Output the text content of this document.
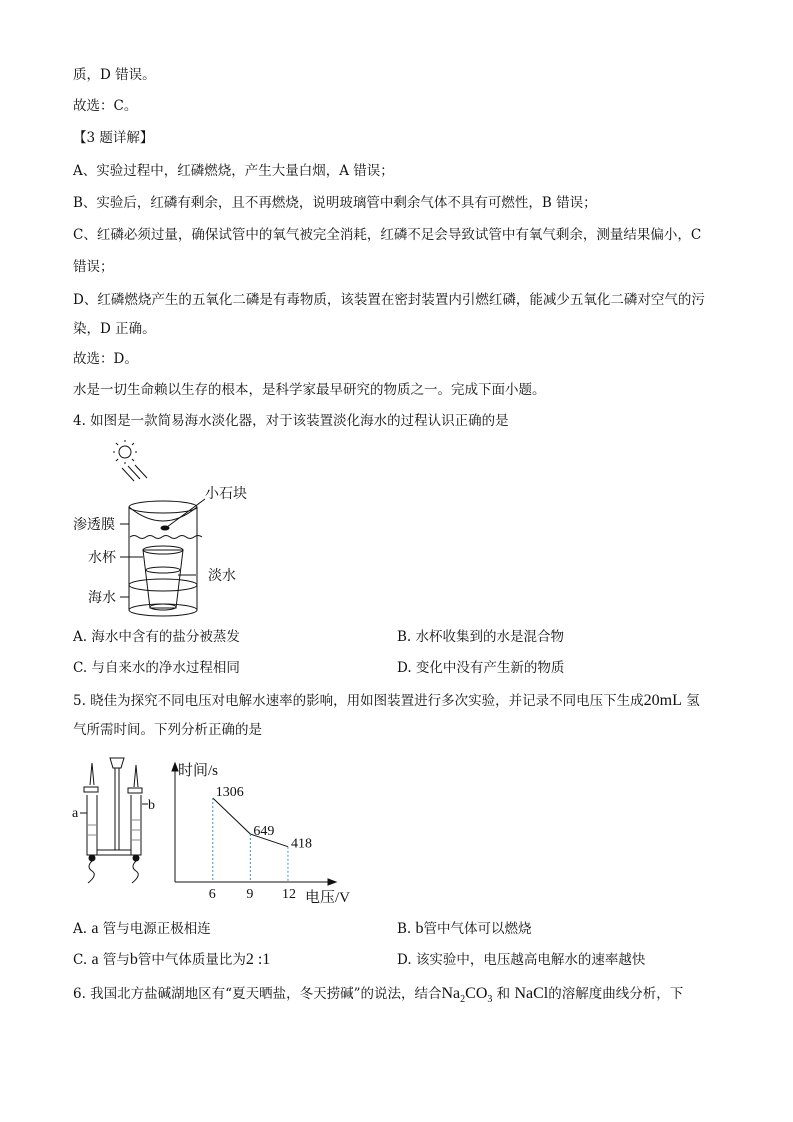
质，D 错误。
故选：C。
【3 题详解】
A、实验过程中，红磷燃烧，产生大量白烟，A 错误；
B、实验后，红磷有剩余，且不再燃烧，说明玻璃管中剩余气体不具有可燃性，B 错误；
C、红磷必须过量，确保试管中的氧气被完全消耗，红磷不足会导致试管中有氧气剩余，测量结果偏小，C
错误；
D、红磷燃烧产生的五氧化二磷是有毒物质，该装置在密封装置内引燃红磷，能减少五氧化二磷对空气的污
染，D 正确。
故选：D。
水是一切生命赖以生存的根本，是科学家最早研究的物质之一。完成下面小题。
4. 如图是一款简易海水淡化器，对于该装置淡化海水的过程认识正确的是
小石块
渗透膜
水杯
淡水
海水
A. 海水中含有的盐分被蒸发	B. 水杯收集到的水是混合物
C. 与自来水的净水过程相同	D. 变化中没有产生新的物质
5. 晓佳为探究不同电压对电解水速率的影响，用如图装置进行多次实验，并记录不同电压下生成20mL 氢
气所需时间。下列分析正确的是
a
b
时间/s
电压/V
6
1306
9
649
12
418
A. a 管与电源正极相连	B. b管中气体可以燃烧
C. a 管与b管中气体质量比为2 :1	D. 该实验中，电压越高电解水的速率越快
6. 我国北方盐碱湖地区有“夏天晒盐，冬天捞碱”的说法，结合$Na_2CO_3$ 和 NaCl的溶解度曲线分析，下
